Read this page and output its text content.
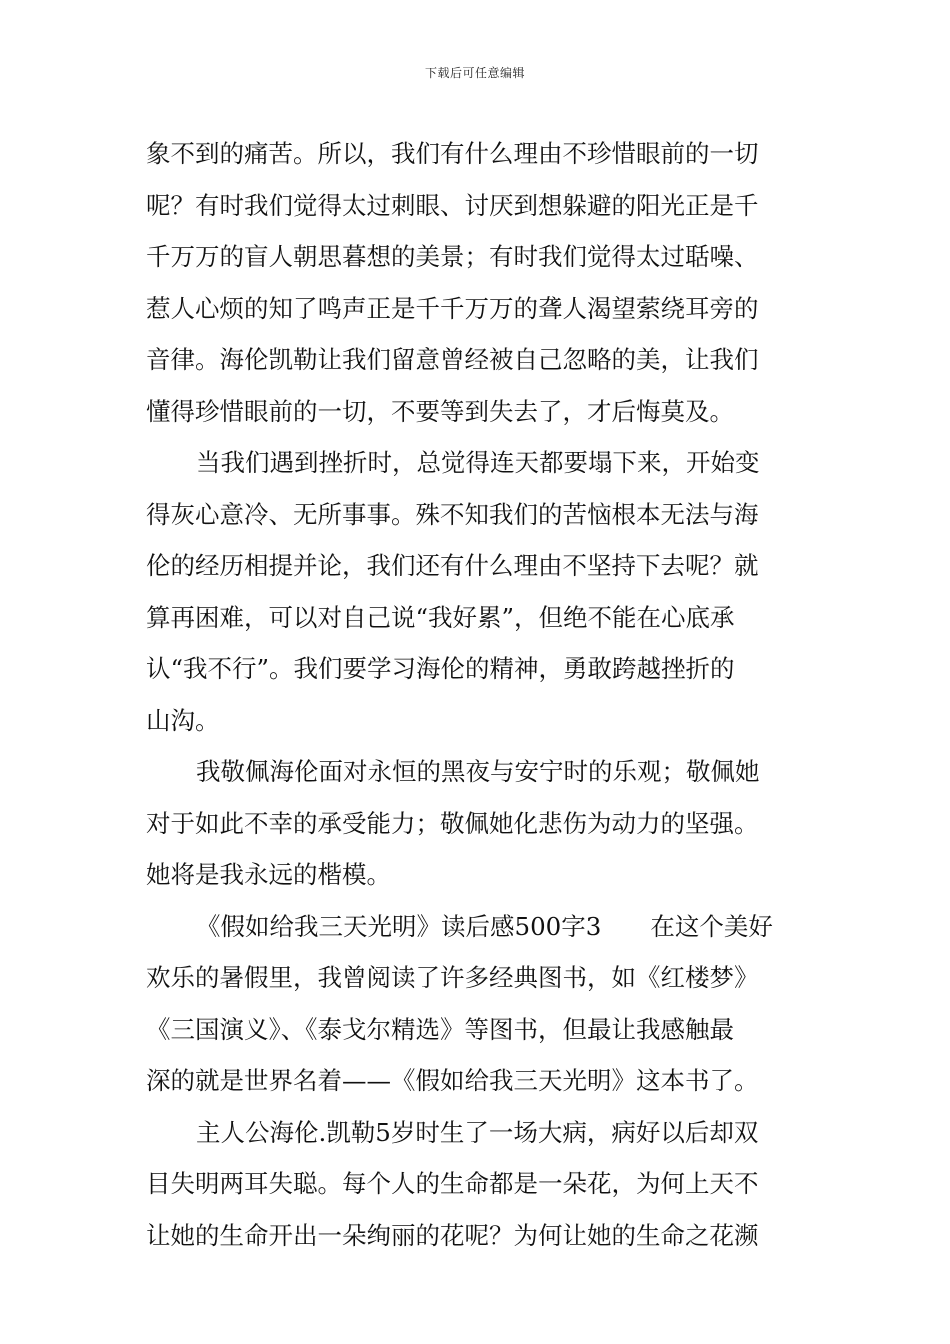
下载后可任意编辑
象不到的痛苦。所以，我们有什么理由不珍惜眼前的一切
呢？有时我们觉得太过刺眼、讨厌到想躲避的阳光正是千
千万万的盲人朝思暮想的美景；有时我们觉得太过聒噪、
惹人心烦的知了鸣声正是千千万万的聋人渴望萦绕耳旁的
音律。海伦凯勒让我们留意曾经被自己忽略的美，让我们
懂得珍惜眼前的一切，不要等到失去了，才后悔莫及。
当我们遇到挫折时，总觉得连天都要塌下来，开始变
得灰心意冷、无所事事。殊不知我们的苦恼根本无法与海
伦的经历相提并论，我们还有什么理由不坚持下去呢？就
算再困难，可以对自己说“我好累”，但绝不能在心底承
认“我不行”。我们要学习海伦的精神，勇敢跨越挫折的
山沟。
我敬佩海伦面对永恒的黑夜与安宁时的乐观；敬佩她
对于如此不幸的承受能力；敬佩她化悲伤为动力的坚强。
她将是我永远的楷模。
《假如给我三天光明》读后感500字3　　在这个美好
欢乐的暑假里，我曾阅读了许多经典图书，如《红楼梦》
《三国演义》、《泰戈尔精选》等图书，但最让我感触最
深的就是世界名着——《假如给我三天光明》这本书了。
主人公海伦.凯勒5岁时生了一场大病，病好以后却双
目失明两耳失聪。每个人的生命都是一朵花，为何上天不
让她的生命开出一朵绚丽的花呢？为何让她的生命之花濒
